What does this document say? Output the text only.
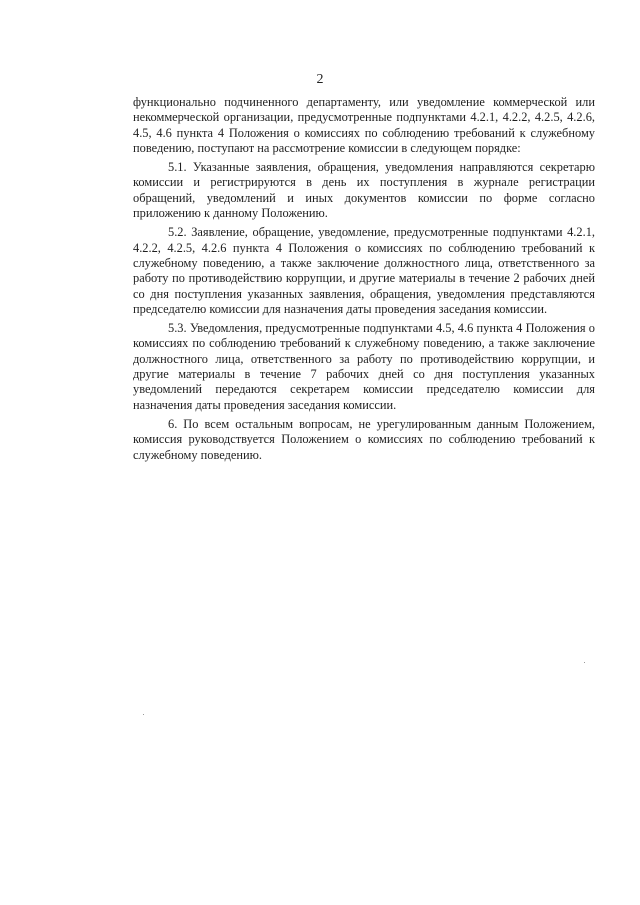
2

функционально подчиненного департаменту, или уведомление коммерческой или некоммерческой организации, предусмотренные подпунктами 4.2.1, 4.2.2, 4.2.5, 4.2.6, 4.5, 4.6 пункта 4 Положения о комиссиях по соблюдению требований к служебному поведению, поступают на рассмотрение комиссии в следующем порядке:

5.1. Указанные заявления, обращения, уведомления направляются секретарю комиссии и регистрируются в день их поступления в журнале регистрации обращений, уведомлений и иных документов комиссии по форме согласно приложению к данному Положению.

5.2. Заявление, обращение, уведомление, предусмотренные подпунктами 4.2.1, 4.2.2, 4.2.5, 4.2.6 пункта 4 Положения о комиссиях по соблюдению требований к служебному поведению, а также заключение должностного лица, ответственного за работу по противодействию коррупции, и другие материалы в течение 2 рабочих дней со дня поступления указанных заявления, обращения, уведомления представляются председателю комиссии для назначения даты проведения заседания комиссии.

5.3. Уведомления, предусмотренные подпунктами 4.5, 4.6 пункта 4 Положения о комиссиях по соблюдению требований к служебному поведению, а также заключение должностного лица, ответственного за работу по противодействию коррупции, и другие материалы в течение 7 рабочих дней со дня поступления указанных уведомлений передаются секретарем комиссии председателю комиссии для назначения даты проведения заседания комиссии.

6. По всем остальным вопросам, не урегулированным данным Положением, комиссия руководствуется Положением о комиссиях по соблюдению требований к служебному поведению.
